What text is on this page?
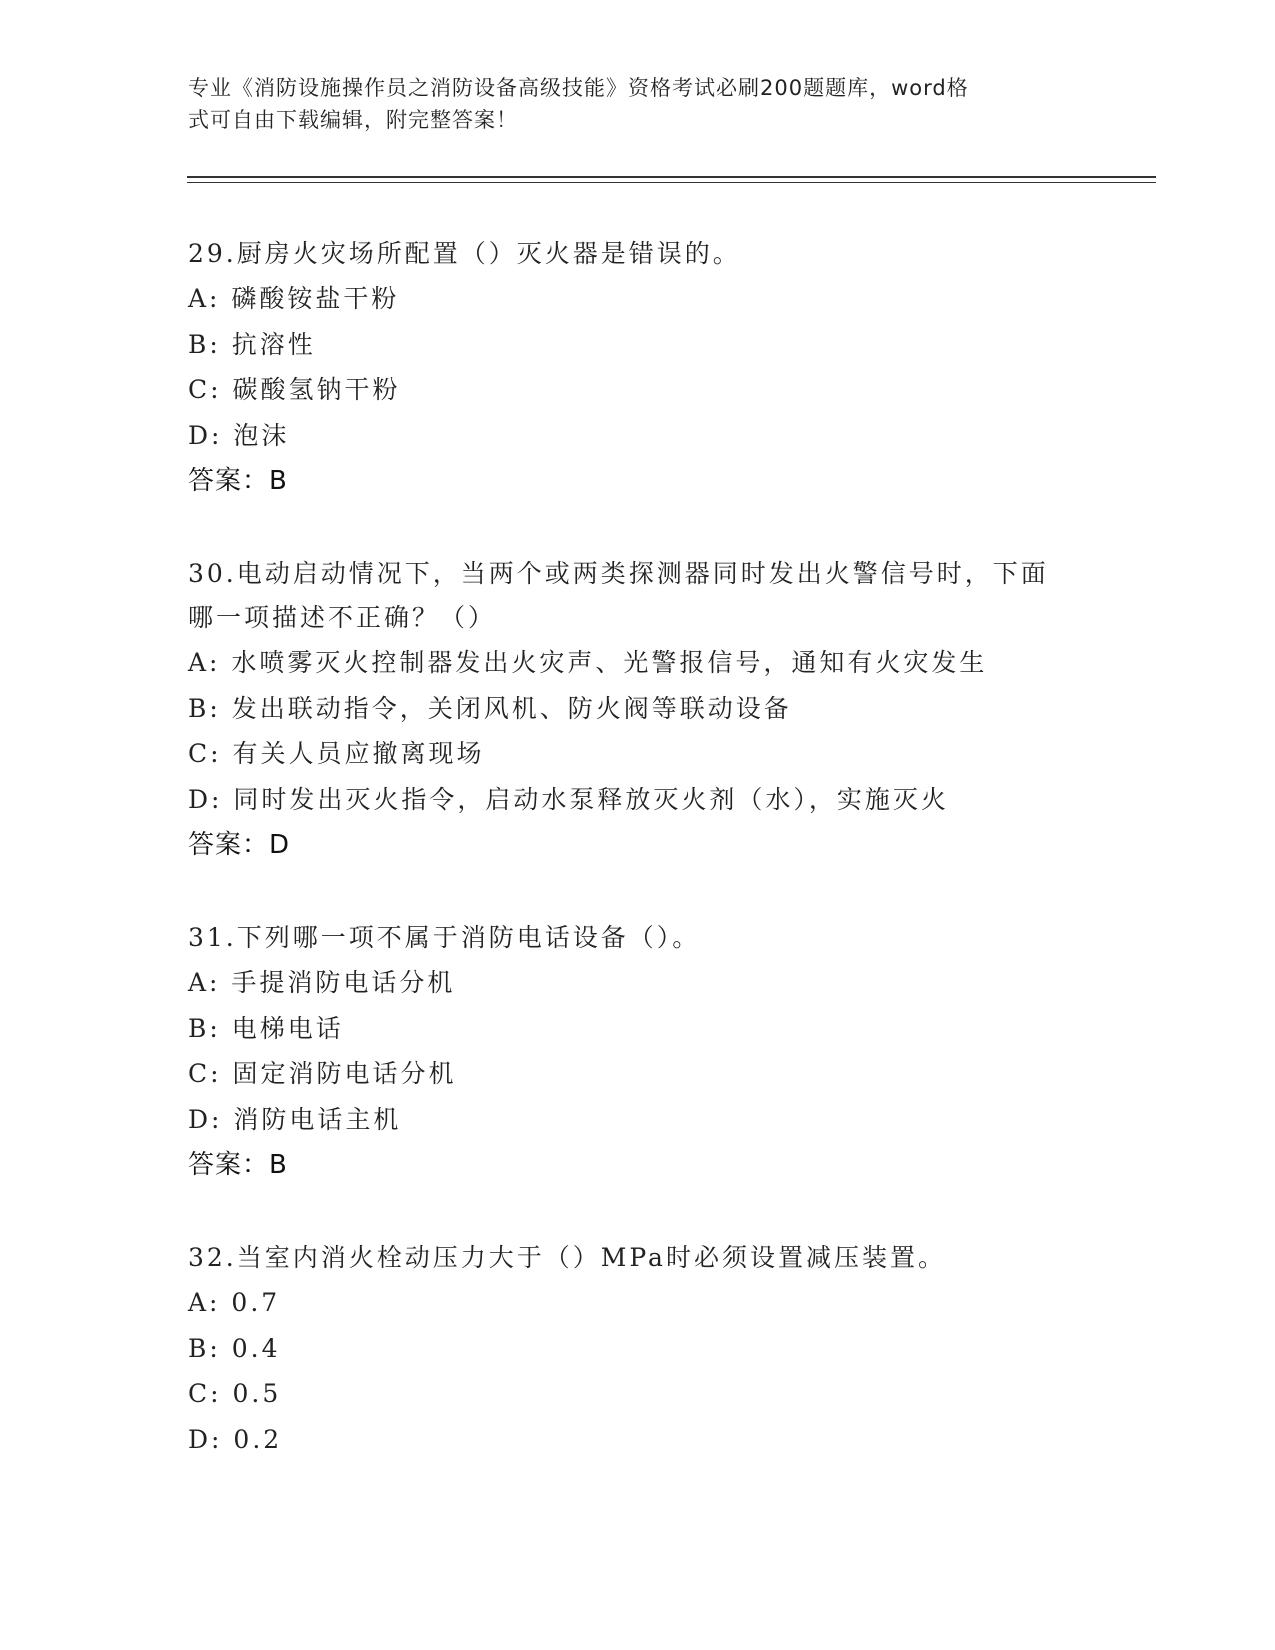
专业《消防设施操作员之消防设备高级技能》资格考试必刷200题题库，word格
式可自由下载编辑，附完整答案！
29.厨房火灾场所配置（）灭火器是错误的。
A: 磷酸铵盐干粉
B: 抗溶性
C: 碳酸氢钠干粉
D: 泡沫
答案：B
30.电动启动情况下，当两个或两类探测器同时发出火警信号时，下面
哪一项描述不正确？（）
A: 水喷雾灭火控制器发出火灾声、光警报信号，通知有火灾发生
B: 发出联动指令，关闭风机、防火阀等联动设备
C: 有关人员应撤离现场
D: 同时发出灭火指令，启动水泵释放灭火剂（水），实施灭火
答案：D
31.下列哪一项不属于消防电话设备（）。
A: 手提消防电话分机
B: 电梯电话
C: 固定消防电话分机
D: 消防电话主机
答案：B
32.当室内消火栓动压力大于（）MPa时必须设置减压装置。
A: 0.7
B: 0.4
C: 0.5
D: 0.2
